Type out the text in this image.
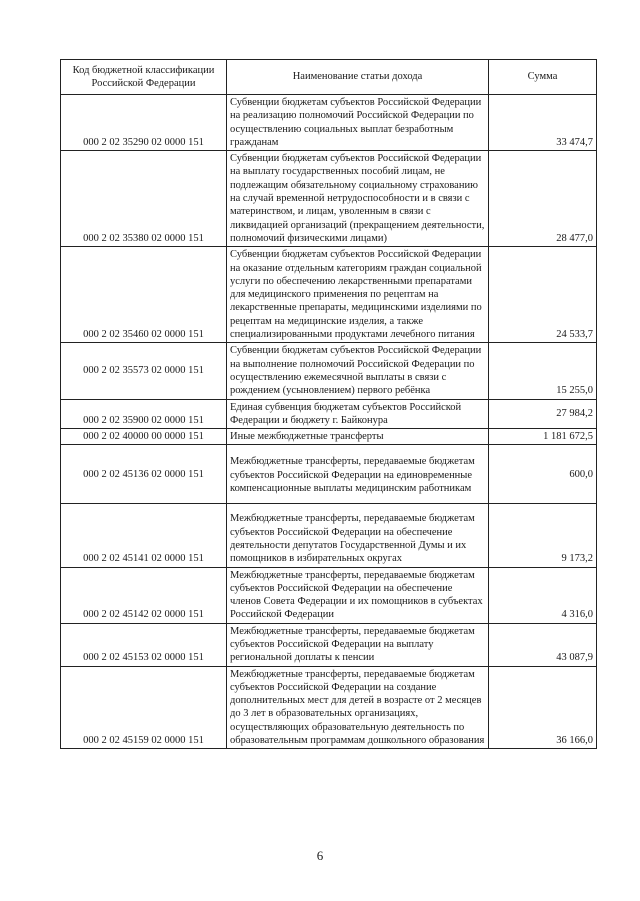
Код бюджетной классификации Российской Федерации	Наименование статьи дохода	Сумма
000 2 02 35290 02 0000 151	Субвенции бюджетам субъектов Российской Федерации на реализацию полномочий Российской Федерации по осуществлению социальных выплат безработным гражданам	33 474,7
000 2 02 35380 02 0000 151	Субвенции бюджетам субъектов Российской Федерации на выплату государственных пособий лицам, не подлежащим обязательному социальному страхованию на случай временной нетрудоспособности и в связи с материнством, и лицам, уволенным в связи с ликвидацией организаций (прекращением деятельности, полномочий физическими лицами)	28 477,0
000 2 02 35460 02 0000 151	Субвенции бюджетам субъектов Российской Федерации на оказание отдельным категориям граждан социальной услуги по обеспечению лекарственными препаратами для медицинского применения по рецептам на лекарственные препараты, медицинскими изделиями по рецептам на медицинские изделия, а также специализированными продуктами лечебного питания	24 533,7
000 2 02 35573 02 0000 151	Субвенции бюджетам субъектов Российской Федерации на выполнение полномочий Российской Федерации по осуществлению ежемесячной выплаты в связи с рождением (усыновлением) первого ребёнка	15 255,0
000 2 02 35900 02 0000 151	Единая субвенция бюджетам субъектов Российской Федерации и бюджету г. Байконура	27 984,2
000 2 02 40000 00 0000 151	Иные межбюджетные трансферты	1 181 672,5
000 2 02 45136 02 0000 151	Межбюджетные трансферты, передаваемые бюджетам субъектов Российской Федерации на единовременные компенсационные выплаты медицинским работникам	600,0
000 2 02 45141 02 0000 151	Межбюджетные трансферты, передаваемые бюджетам субъектов Российской Федерации на обеспечение деятельности депутатов Государственной Думы и их помощников в избирательных округах	9 173,2
000 2 02 45142 02 0000 151	Межбюджетные трансферты, передаваемые бюджетам субъектов Российской Федерации на обеспечение членов Совета Федерации и их помощников в субъектах Российской Федерации	4 316,0
000 2 02 45153 02 0000 151	Межбюджетные трансферты, передаваемые бюджетам субъектов Российской Федерации на выплату региональной доплаты к пенсии	43 087,9
000 2 02 45159 02 0000 151	Межбюджетные трансферты, передаваемые бюджетам субъектов Российской Федерации на создание дополнительных мест для детей в возрасте от 2 месяцев до 3 лет в образовательных организациях, осуществляющих образовательную деятельность по образовательным программам дошкольного образования	36 166,0
6
